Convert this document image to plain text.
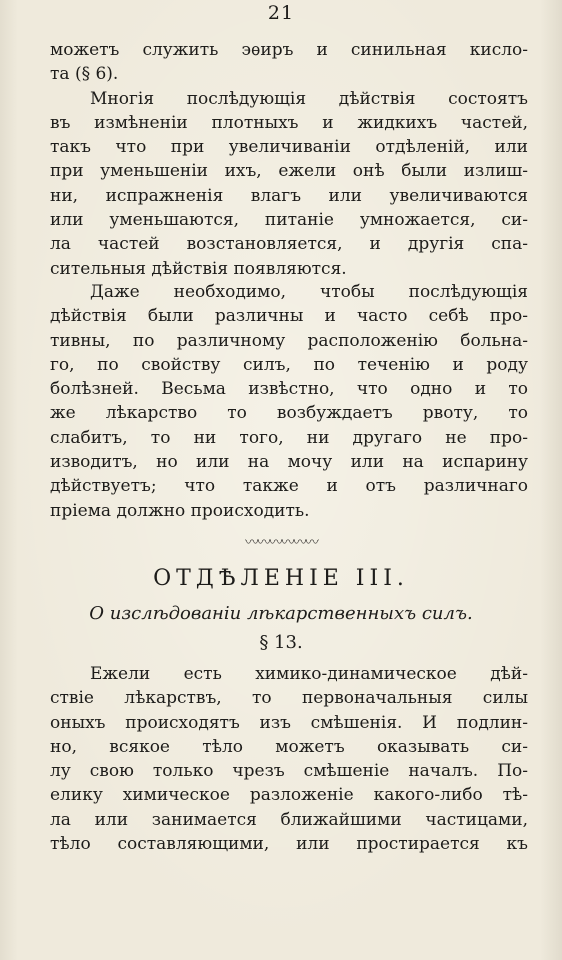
21
можетъ служить эѳиръ и синильная кисло-
та (§ 6).
Многія послѣдующія дѣйствія состоятъ
въ измѣненіи плотныхъ и жидкихъ частей,
такъ что при увеличиваніи отдѣленій, или
при уменьшеніи ихъ, ежели онѣ были излиш-
ни, испражненія влагъ или увеличиваются
или уменьшаются, питаніе умножается, си-
ла частей возстановляется, и другія спа-
сительныя дѣйствія появляются.
Даже необходимо, чтобы послѣдующія
дѣйствія были различны и часто себѣ про-
тивны, по различному расположенію больна-
го, по свойству силъ, по теченію и роду
болѣзней. Весьма извѣстно, что одно и то
же лѣкарство то возбуждаетъ рвоту, то
слабитъ, то ни того, ни другаго не про-
изводитъ, но или на мочу или на испарину
дѣйствуетъ; что также и отъ различнаго
пріема должно происходить.
〰〰〰〰〰〰
ОТДѢЛЕНІЕ III.
О изслѣдованіи лѣкарственныхъ силъ.
§ 13.
Ежели есть химико-динамическое дѣй-
ствіе лѣкарствъ, то первоначальныя силы
оныхъ происходятъ изъ смѣшенія. И подлин-
но, всякое тѣло можетъ оказывать си-
лу свою только чрезъ смѣшеніе началъ. По-
елику химическое разложеніе какого-либо тѣ-
ла или занимается ближайшими частицами,
тѣло составляющими, или простирается къ
